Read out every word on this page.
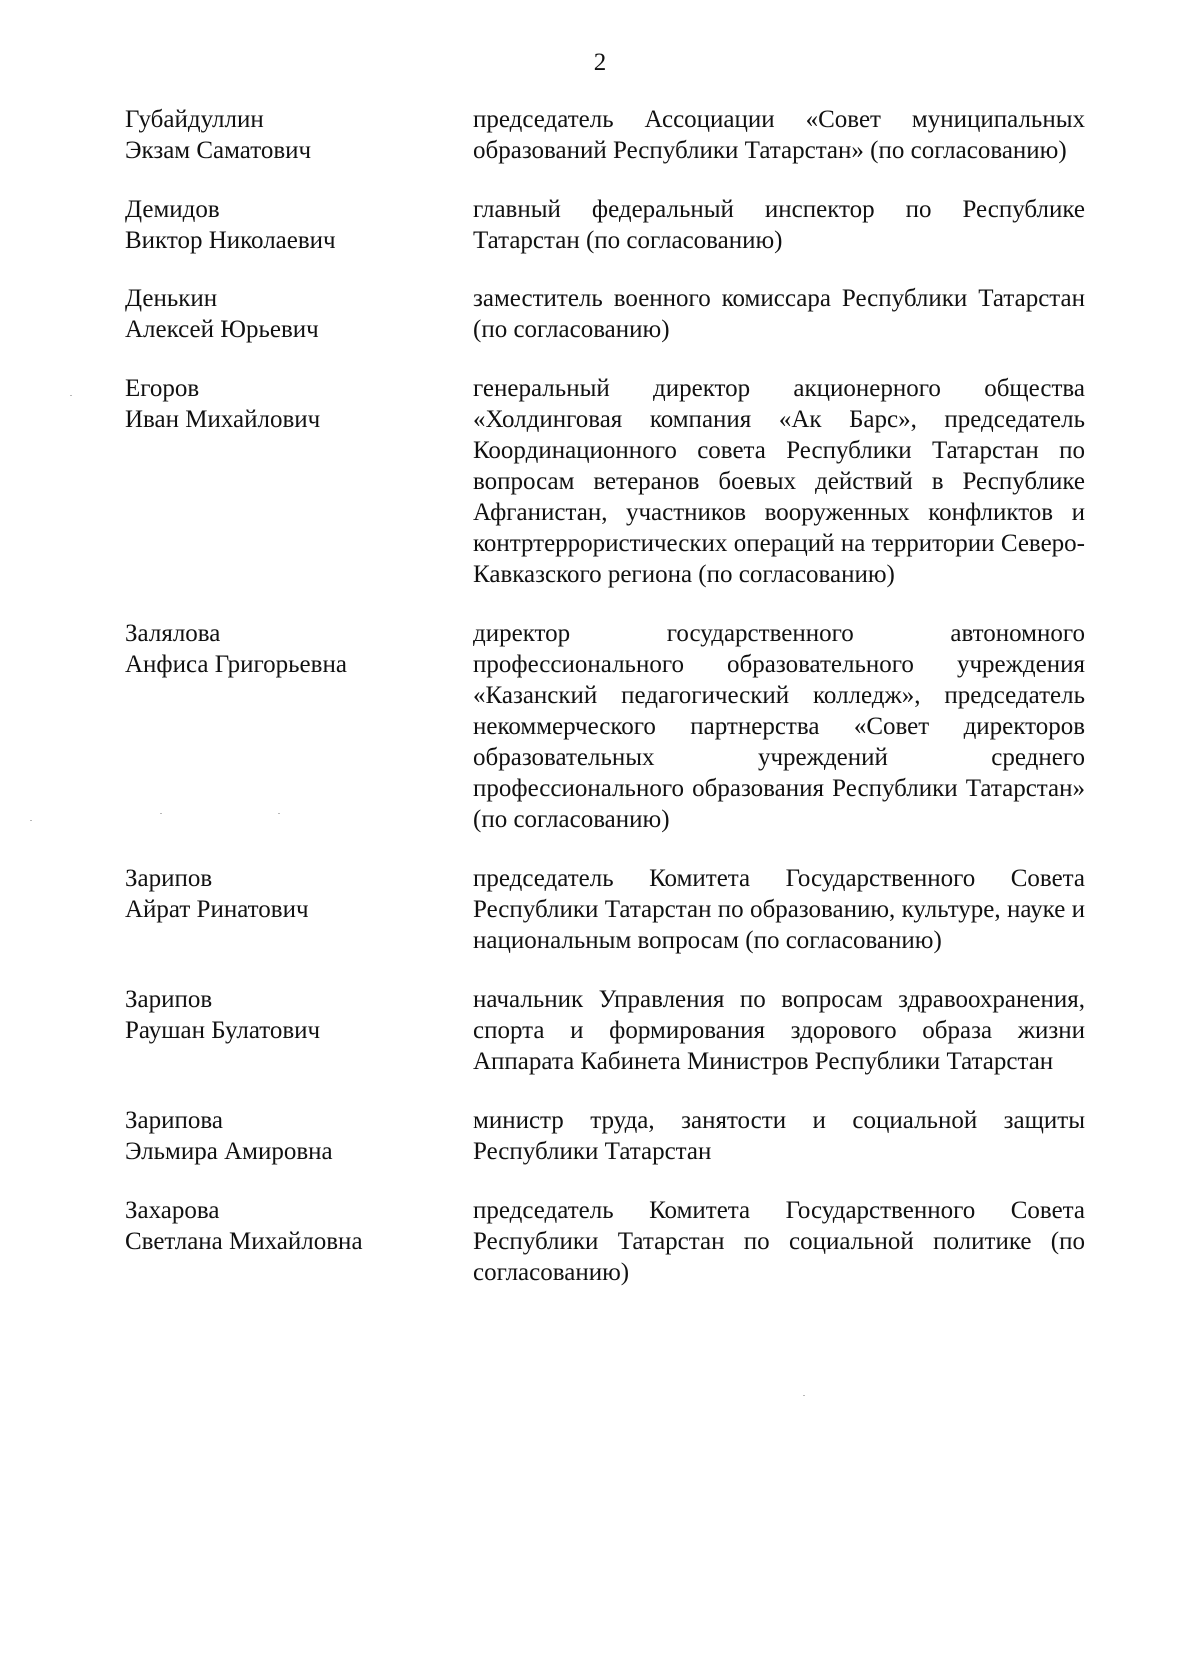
2
Губайдуллин
Экзам Саматович
председатель Ассоциации «Совет муниципальных образований Республики Татарстан» (по согласованию)
Демидов
Виктор Николаевич
главный федеральный инспектор по Республике Татарстан (по согласованию)
Денькин
Алексей Юрьевич
заместитель военного комиссара Республики Татарстан (по согласованию)
Егоров
Иван Михайлович
генеральный директор акционерного общества «Холдинговая компания «Ак Барс», председатель Координационного совета Республики Татарстан по вопросам ветеранов боевых действий в Республике Афганистан, участников вооруженных конфликтов и контртеррористических операций на территории Северо-Кавказского региона (по согласованию)
Залялова
Анфиса Григорьевна
директор государственного автономного профессионального образовательного учреждения «Казанский педагогический колледж», председатель некоммерческого партнерства «Совет директоров образовательных учреждений среднего профессионального образования Республики Татарстан» (по согласованию)
Зарипов
Айрат Ринатович
председатель Комитета Государственного Совета Республики Татарстан по образованию, культуре, науке и национальным вопросам (по согласованию)
Зарипов
Раушан Булатович
начальник Управления по вопросам здравоохранения, спорта и формирования здорового образа жизни Аппарата Кабинета Министров Республики Татарстан
Зарипова
Эльмира Амировна
министр труда, занятости и социальной защиты Республики Татарстан
Захарова
Светлана Михайловна
председатель Комитета Государственного Совета Республики Татарстан по социальной политике (по согласованию)
